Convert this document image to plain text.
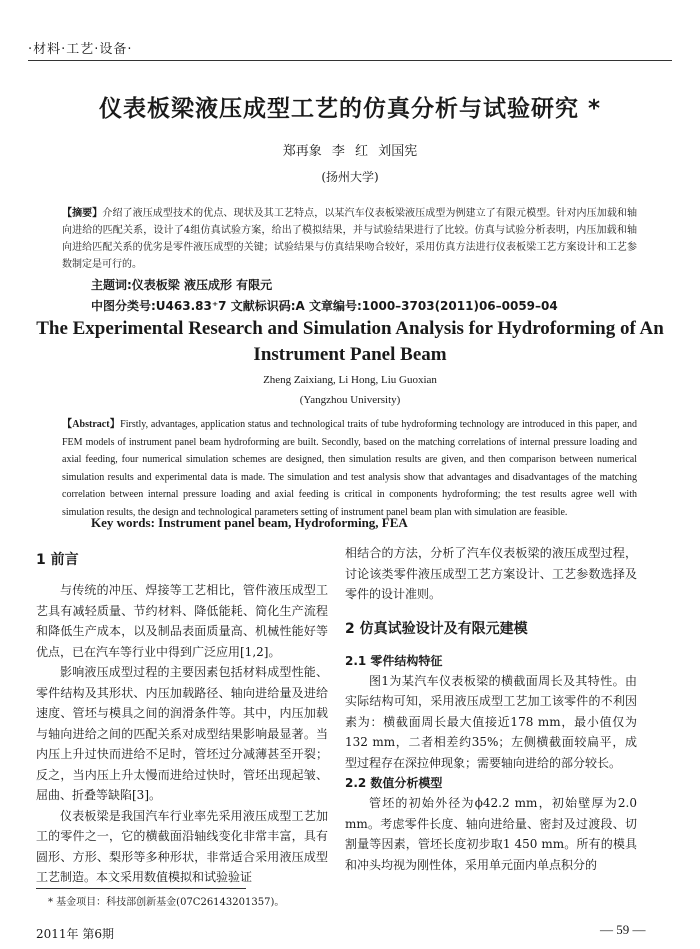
·材料·工艺·设备·
仪表板梁液压成型工艺的仿真分析与试验研究 *
郑再象 李 红 刘国宪
(扬州大学)
【摘要】介绍了液压成型技术的优点、现状及其工艺特点，以某汽车仪表板梁液压成型为例建立了有限元模型。针对内压加载和轴向进给的匹配关系，设计了4组仿真试验方案，给出了模拟结果，并与试验结果进行了比较。仿真与试验分析表明，内压加载和轴向进给匹配关系的优劣是零件液压成型的关键；试验结果与仿真结果吻合较好，采用仿真方法进行仪表板梁工艺方案设计和工艺参数制定是可行的。
主题词:仪表板梁 液压成形 有限元
中图分类号:U463.83⁺7 文献标识码:A 文章编号:1000–3703(2011)06–0059–04
The Experimental Research and Simulation Analysis for Hydroforming of An Instrument Panel Beam
Zheng Zaixiang, Li Hong, Liu Guoxian
(Yangzhou University)
【Abstract】Firstly, advantages, application status and technological traits of tube hydroforming technology are introduced in this paper, and FEM models of instrument panel beam hydroforming are built. Secondly, based on the matching correlations of internal pressure loading and axial feeding, four numerical simulation schemes are designed, then simulation results are given, and then comparison between numerical simulation results and experimental data is made. The simulation and test analysis show that advantages and disadvantages of the matching correlation between internal pressure loading and axial feeding is critical in components hydroforming; the test results agree well with simulation results, the design and technological parameters setting of instrument panel beam plan with simulation are feasible.
Key words: Instrument panel beam, Hydroforming, FEA
1 前言

与传统的冲压、焊接等工艺相比，管件液压成型工艺具有减轻质量、节约材料、降低能耗、简化生产流程和降低生产成本，以及制品表面质量高、机械性能好等优点，已在汽车等行业中得到广泛应用[1,2]。

影响液压成型过程的主要因素包括材料成型性能、零件结构及其形状、内压加载路径、轴向进给量及进给速度、管坯与模具之间的润滑条件等。其中，内压加载与轴向进给之间的匹配关系对成型结果影响最显著。当内压上升过快而进给不足时，管坯过分减薄甚至开裂；反之，当内压上升太慢而进给过快时，管坯出现起皱、屈曲、折叠等缺陷[3]。

仪表板梁是我国汽车行业率先采用液压成型工艺加工的零件之一，它的横截面沿轴线变化非常丰富，具有圆形、方形、梨形等多种形状，非常适合采用液压成型工艺制造。本文采用数值模拟和试验验证

相结合的方法，分析了汽车仪表板梁的液压成型过程，讨论该类零件液压成型工艺方案设计、工艺参数选择及零件的设计准则。

2 仿真试验设计及有限元建模
2.1 零件结构特征

图1为某汽车仪表板梁的横截面周长及其特性。由实际结构可知，采用液压成型工艺加工该零件的不利因素为：横截面周长最大值接近178 mm，最小值仅为132 mm，二者相差约35%；左侧横截面较扁平，成型过程存在深拉伸现象；需要轴向进给的部分较长。

2.2 数值分析模型

管坯的初始外径为ϕ42.2 mm，初始壁厚为2.0 mm。考虑零件长度、轴向进给量、密封及过渡段、切割量等因素，管坯长度初步取1 450 mm。所有的模具和冲头均视为刚性体，采用单元面内单点积分的

* 基金项目：科技部创新基金(07C26143201357)。
2011年 第6期	— 59 —
